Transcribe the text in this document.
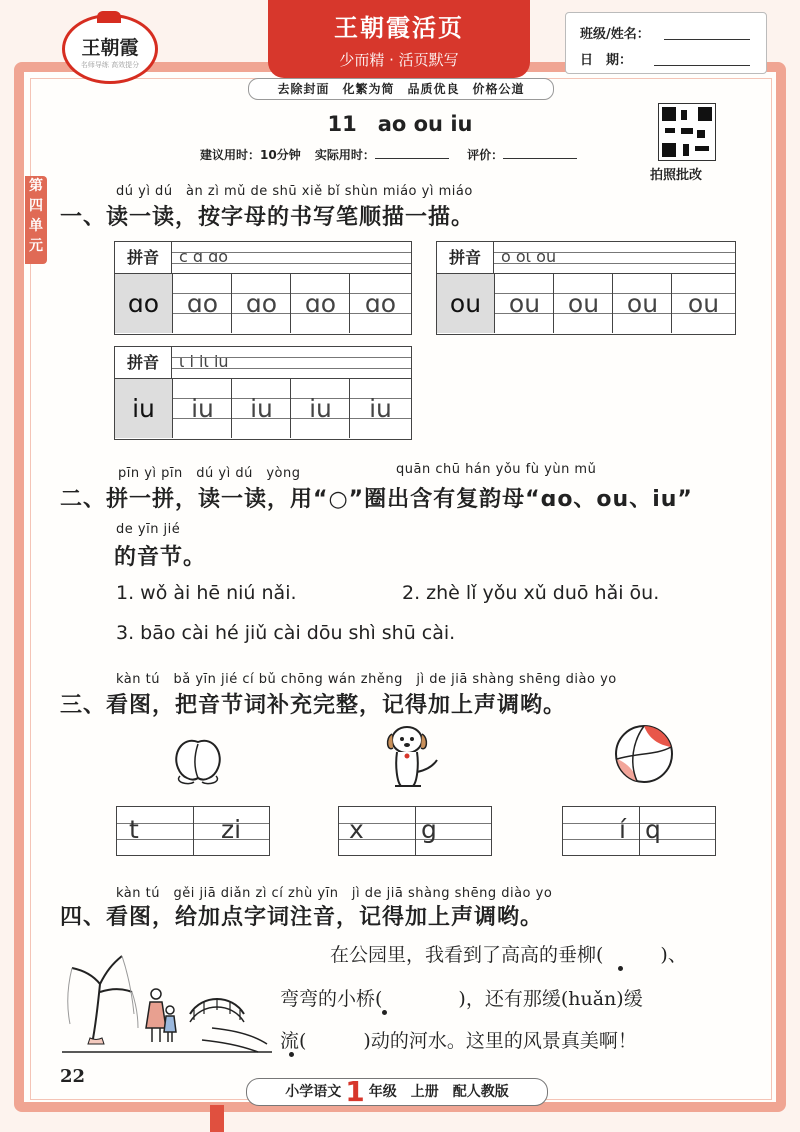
王朝霞
名师导练 高效提分
王朝霞活页
少而精 · 活页默写
班级/姓名：
日　期：
去除封面　化繁为简　品质优良　价格公道
11　ao ou iu
建议用时：10分钟 实际用时：	评价：
拍照批改
第四单元
dú yì dú　àn zì mǔ de shū xiě bǐ shùn miáo yì miáo
一、读一读，按字母的书写笔顺描一描。
拼音	c ɑ ɑo
ɑo	ɑo	ɑo	ɑo	ɑo
拼音	o oι ou
ou	ou	ou	ou	ou
拼音	ι i iι iu
iu	iu	iu	iu	iu
pīn yì pīn　dú yì dú　yòng	quān chū hán yǒu fù yùn mǔ
二、拼一拼，读一读，用“○”圈出含有复韵母“ɑo、ou、iu”
de yīn jié
的音节。
1. wǒ ài hē niú nǎi.	2. zhè lǐ yǒu xǔ duō hǎi ōu.
3. bāo cài hé jiǔ cài dōu shì shū cài.
kàn tú　bǎ yīn jié cí bǔ chōng wán zhěng　jì de jiā shàng shēng diào yo
三、看图，把音节词补充完整，记得加上声调哟。
t	zi	x g	í q
kàn tú　gěi jiā diǎn zì cí zhù yīn　jì de jiā shàng shēng diào yo
四、看图，给加点字词注音，记得加上声调哟。
在公园里，我看到了高高的垂柳(　　　)、
弯弯的小桥(　　　　)，还有那缓(huǎn)缓
流(　　　)动的河水。这里的风景真美啊！
22
小学语文 1 年级　上册　配人教版
